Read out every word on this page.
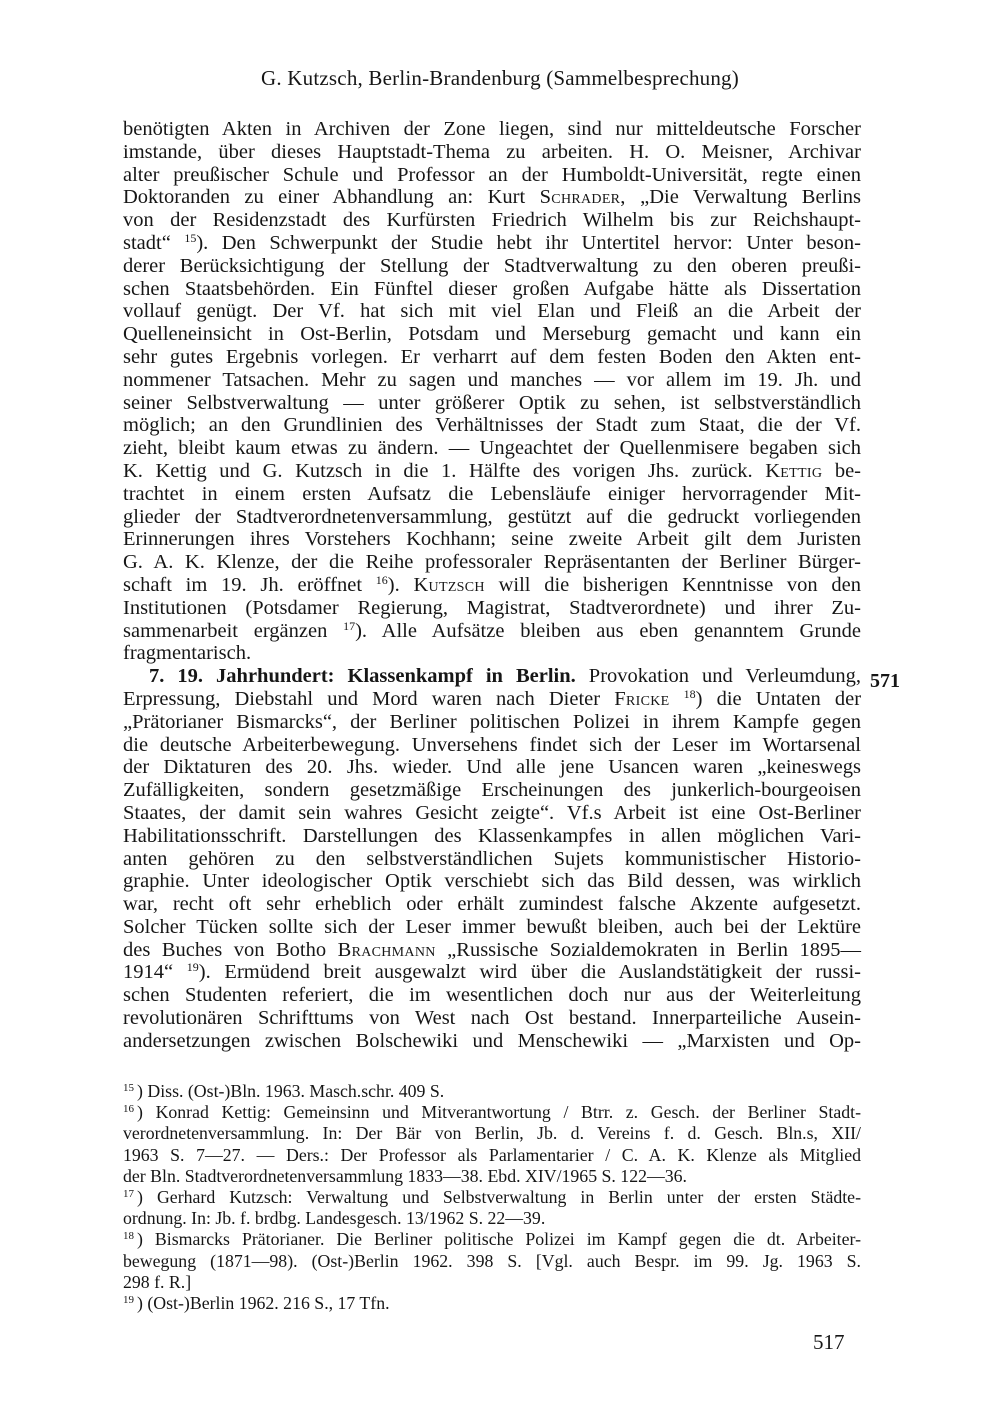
G. Kutzsch, Berlin-Brandenburg (Sammelbesprechung)
benötigten Akten in Archiven der Zone liegen, sind nur mitteldeutsche Forscher
imstande, über dieses Hauptstadt-Thema zu arbeiten. H. O. Meisner, Archivar
alter preußischer Schule und Professor an der Humboldt-Universität, regte einen
Doktoranden zu einer Abhandlung an: Kurt Schrader, „Die Verwaltung Berlins
von der Residenzstadt des Kurfürsten Friedrich Wilhelm bis zur Reichshaupt-
stadt“ $^{15}$). Den Schwerpunkt der Studie hebt ihr Untertitel hervor: Unter beson-
derer Berücksichtigung der Stellung der Stadtverwaltung zu den oberen preußi-
schen Staatsbehörden. Ein Fünftel dieser großen Aufgabe hätte als Dissertation
vollauf genügt. Der Vf. hat sich mit viel Elan und Fleiß an die Arbeit der
Quelleneinsicht in Ost-Berlin, Potsdam und Merseburg gemacht und kann ein
sehr gutes Ergebnis vorlegen. Er verharrt auf dem festen Boden den Akten ent-
nommener Tatsachen. Mehr zu sagen und manches — vor allem im 19. Jh. und
seiner Selbstverwaltung — unter größerer Optik zu sehen, ist selbstverständlich
möglich; an den Grundlinien des Verhältnisses der Stadt zum Staat, die der Vf.
zieht, bleibt kaum etwas zu ändern. — Ungeachtet der Quellenmisere begaben sich
K. Kettig und G. Kutzsch in die 1. Hälfte des vorigen Jhs. zurück. Kettig be-
trachtet in einem ersten Aufsatz die Lebensläufe einiger hervorragender Mit-
glieder der Stadtverordnetenversammlung, gestützt auf die gedruckt vorliegenden
Erinnerungen ihres Vorstehers Kochhann; seine zweite Arbeit gilt dem Juristen
G. A. K. Klenze, der die Reihe professoraler Repräsentanten der Berliner Bürger-
schaft im 19. Jh. eröffnet $^{16}$). Kutzsch will die bisherigen Kenntnisse von den
Institutionen (Potsdamer Regierung, Magistrat, Stadtverordnete) und ihrer Zu-
sammenarbeit ergänzen $^{17}$). Alle Aufsätze bleiben aus eben genanntem Grunde
fragmentarisch.
7. 19. Jahrhundert: Klassenkampf in Berlin. Provokation und Verleumdung,
Erpressung, Diebstahl und Mord waren nach Dieter Fricke $^{18}$) die Untaten der
„Prätorianer Bismarcks“, der Berliner politischen Polizei in ihrem Kampfe gegen
die deutsche Arbeiterbewegung. Unversehens findet sich der Leser im Wortarsenal
der Diktaturen des 20. Jhs. wieder. Und alle jene Usancen waren „keineswegs
Zufälligkeiten, sondern gesetzmäßige Erscheinungen des junkerlich-bourgeoisen
Staates, der damit sein wahres Gesicht zeigte“. Vf.s Arbeit ist eine Ost-Berliner
Habilitationsschrift. Darstellungen des Klassenkampfes in allen möglichen Vari-
anten gehören zu den selbstverständlichen Sujets kommunistischer Historio-
graphie. Unter ideologischer Optik verschiebt sich das Bild dessen, was wirklich
war, recht oft sehr erheblich oder erhält zumindest falsche Akzente aufgesetzt.
Solcher Tücken sollte sich der Leser immer bewußt bleiben, auch bei der Lektüre
des Buches von Botho Brachmann „Russische Sozialdemokraten in Berlin 1895—
1914“ $^{19}$). Ermüdend breit ausgewalzt wird über die Auslandstätigkeit der russi-
schen Studenten referiert, die im wesentlichen doch nur aus der Weiterleitung
revolutionären Schrifttums von West nach Ost bestand. Innerparteiliche Ausein-
andersetzungen zwischen Bolschewiki und Menschewiki — „Marxisten und Op-
571
$^{15}$ ) Diss. (Ost-)Bln. 1963. Masch.schr. 409 S.
$^{16}$ ) Konrad Kettig: Gemeinsinn und Mitverantwortung / Btrr. z. Gesch. der Berliner Stadt-
verordnetenversammlung. In: Der Bär von Berlin, Jb. d. Vereins f. d. Gesch. Bln.s, XII/
1963 S. 7—27. — Ders.: Der Professor als Parlamentarier / C. A. K. Klenze als Mitglied
der Bln. Stadtverordnetenversammlung 1833—38. Ebd. XIV/1965 S. 122—36.
$^{17}$ ) Gerhard Kutzsch: Verwaltung und Selbstverwaltung in Berlin unter der ersten Städte-
ordnung. In: Jb. f. brdbg. Landesgesch. 13/1962 S. 22—39.
$^{18}$ ) Bismarcks Prätorianer. Die Berliner politische Polizei im Kampf gegen die dt. Arbeiter-
bewegung (1871—98). (Ost-)Berlin 1962. 398 S. [Vgl. auch Bespr. im 99. Jg. 1963 S.
298 f. R.]
$^{19}$ ) (Ost-)Berlin 1962. 216 S., 17 Tfn.
517
